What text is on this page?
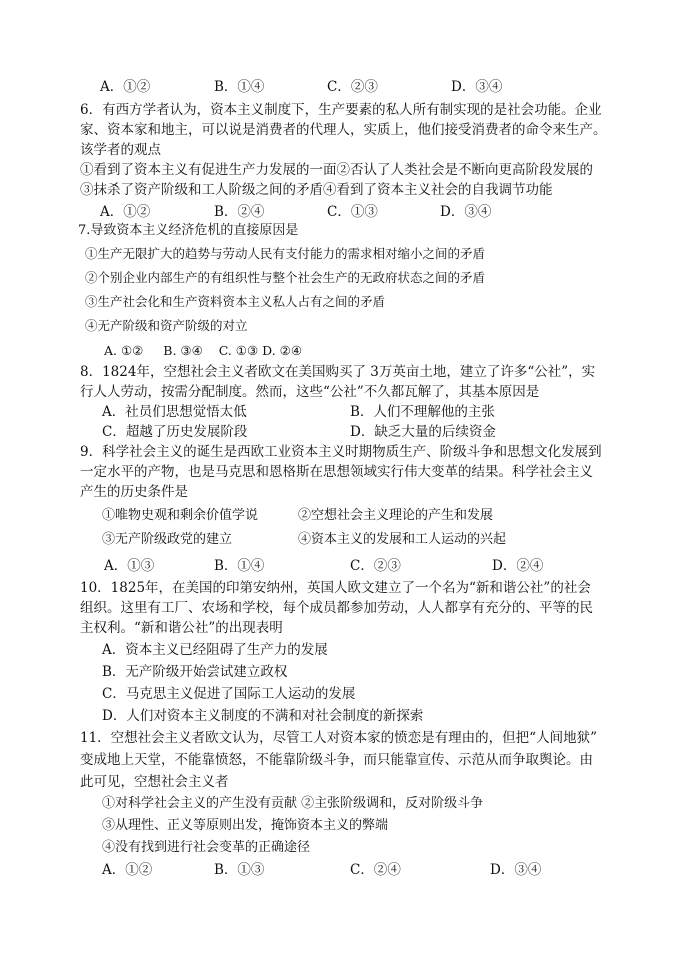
A．①②	B．①④	C．②③	D．③④
6．有西方学者认为，资本主义制度下，生产要素的私人所有制实现的是社会功能。企业
家、资本家和地主，可以说是消费者的代理人，实质上，他们接受消费者的命令来生产。
该学者的观点
①看到了资本主义有促进生产力发展的一面②否认了人类社会是不断向更高阶段发展的
③抹杀了资产阶级和工人阶级之间的矛盾④看到了资本主义社会的自我调节功能
A．①②	B．②④	C．①③	D．③④
7.导致资本主义经济危机的直接原因是
①生产无限扩大的趋势与劳动人民有支付能力的需求相对缩小之间的矛盾
②个别企业内部生产的有组织性与整个社会生产的无政府状态之间的矛盾
③生产社会化和生产资料资本主义私人占有之间的矛盾
④无产阶级和资产阶级的对立
A. ①②     B. ③④    C. ①③ D. ②④
8．1824年，空想社会主义者欧文在美国购买了 3万英亩土地，建立了许多“公社”，实
行人人劳动，按需分配制度。然而，这些“公社”不久都瓦解了，其基本原因是
A．社员们思想觉悟太低	B．人们不理解他的主张
C．超越了历史发展阶段	D．缺乏大量的后续资金
9．科学社会主义的诞生是西欧工业资本主义时期物质生产、阶级斗争和思想文化发展到
一定水平的产物，也是马克思和恩格斯在思想领域实行伟大变革的结果。科学社会主义
产生的历史条件是
①唯物史观和剩余价值学说	②空想社会主义理论的产生和发展
③无产阶级政党的建立	④资本主义的发展和工人运动的兴起
A．①③	B．①④	C．②③	D．②④
10．1825年，在美国的印第安纳州，英国人欧文建立了一个名为“新和谐公社”的社会
组织。这里有工厂、农场和学校，每个成员都参加劳动，人人都享有充分的、平等的民
主权利。“新和谐公社”的出现表明
A．资本主义已经阻碍了生产力的发展
B．无产阶级开始尝试建立政权
C．马克思主义促进了国际工人运动的发展
D．人们对资本主义制度的不满和对社会制度的新探索
11．空想社会主义者欧文认为，尽管工人对资本家的愤恋是有理由的，但把“人间地狱”
变成地上天堂，不能靠愤怒，不能靠阶级斗争，而只能靠宣传、示范从而争取舆论。由
此可见，空想社会主义者
①对科学社会主义的产生没有贡献 ②主张阶级调和，反对阶级斗争
③从理性、正义等原则出发，掩饰资本主义的弊端
④没有找到进行社会变革的正确途径
A．①②	B．①③	C．②④	D．③④
